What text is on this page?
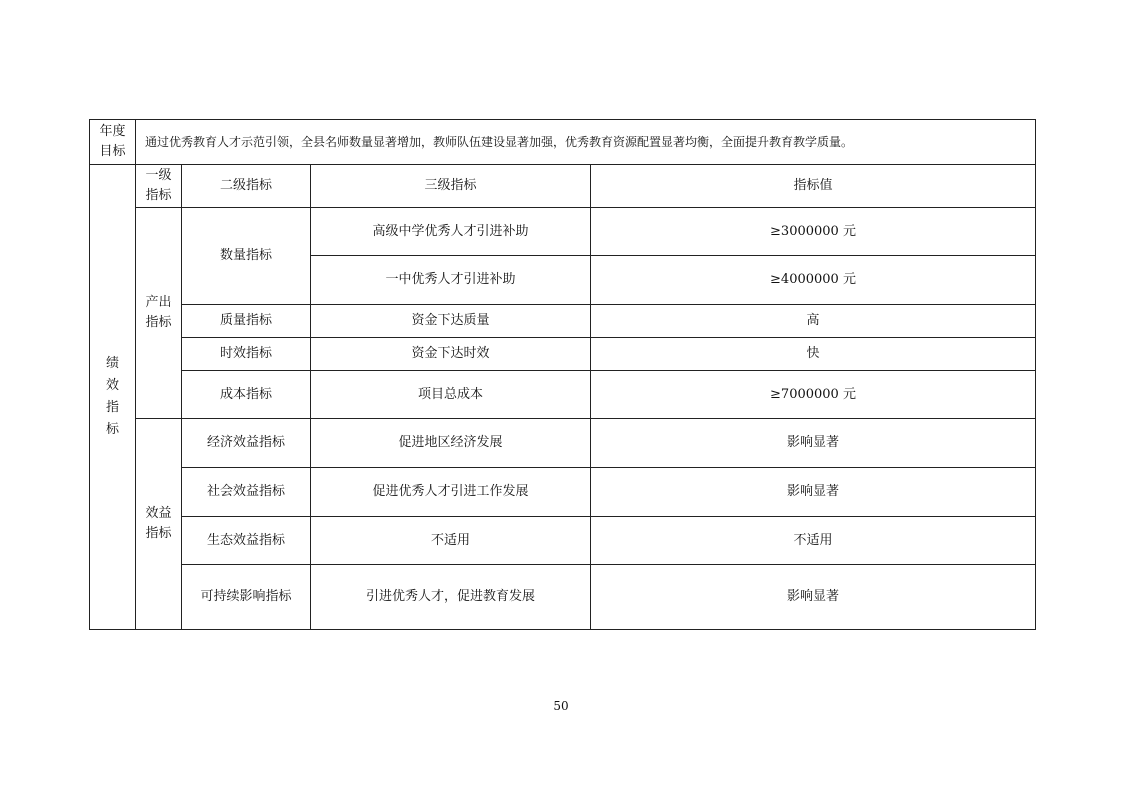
年度目标	通过优秀教育人才示范引领，全县名师数量显著增加，教师队伍建设显著加强，优秀教育资源配置显著均衡，全面提升教育教学质量。			
绩效指标	一级指标	二级指标	三级指标	指标值
	产出指标	数量指标	高级中学优秀人才引进补助	≥3000000 元
			一中优秀人才引进补助	≥4000000 元
		质量指标	资金下达质量	高
		时效指标	资金下达时效	快
		成本指标	项目总成本	≥7000000 元
	效益指标	经济效益指标	促进地区经济发展	影响显著
		社会效益指标	促进优秀人才引进工作发展	影响显著
		生态效益指标	不适用	不适用
		可持续影响指标	引进优秀人才，促进教育发展	影响显著
50
